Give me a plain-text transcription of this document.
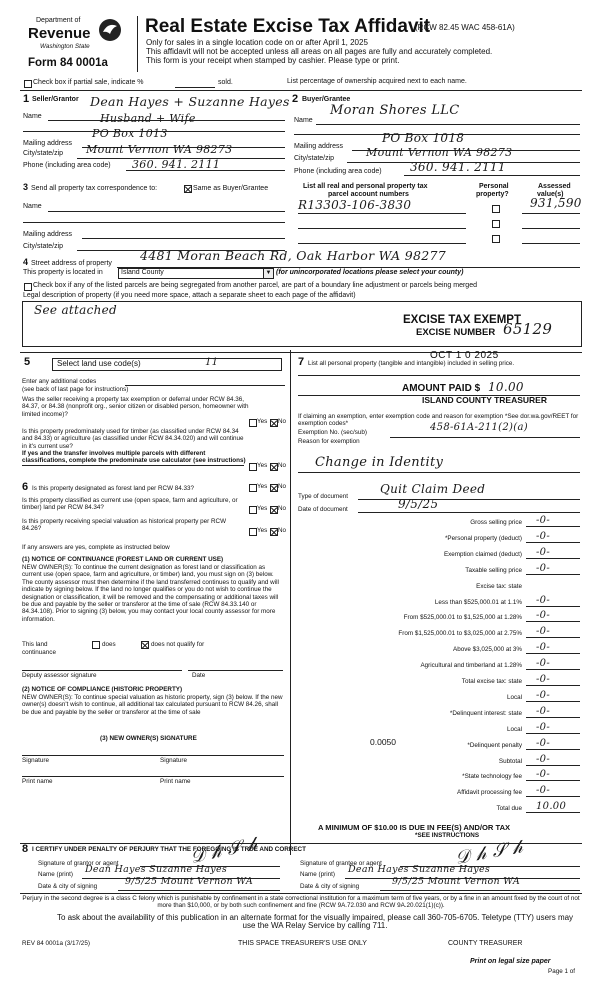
Department of
Revenue
Washington State
Form 84 0001a
Real Estate Excise Tax Affidavit
(RCW 82.45 WAC 458-61A)
Only for sales in a single location code on or after April 1, 2025
This affidavit will not be accepted unless all areas on all pages are fully and accurately completed.
This form is your receipt when stamped by cashier. Please type or print.
Check box if partial sale, indicate %	sold.	List percentage of ownership acquired next to each name.
1 Seller/Grantor
Name
Dean Hayes + Suzanne Hayes
Husband + Wife
Mailing address
PO Box 1013
City/state/zip Mount Vernon WA 98273
Phone (including area code) 360. 941. 2111
2 Buyer/Grantee
Name
Moran Shores LLC
Mailing address
PO Box 1018
City/state/zip	Mount Vernon WA 98273
Phone (including area code) 360. 941. 2111
3 Send all property tax correspondence to:	Same as Buyer/Grantee
Name
Mailing address
City/state/zip
List all real and personal property tax
parcel account numbers
Personal
property?
Assessed
value(s)
R13303-106-3830	931,590
4 Street address of property
4481 Moran Beach Rd, Oak Harbor WA 98277
This property is located in	Island County	▼ (for unincorporated locations please select your county)
Check box if any of the listed parcels are being segregated from another parcel, are part of a boundary line adjustment or parcels being merged
Legal description of property (if you need more space, attach a separate sheet to each page of the affidavit)
See attached
EXCISE TAX EXEMPT
EXCISE NUMBER 65129
5	Select land use code(s)	11
Enter any additional codes
(see back of last page for instructions)
Was the seller receiving a property tax exemption or deferral under RCW 84.36, 84.37, or 84.38 (nonprofit org., senior citizen or disabled person, homeowner with limited income)?
Yes No
Is this property predominately used for timber (as classified under RCW 84.34 and 84.33) or agriculture (as classified under RCW 84.34.020) and will continue in it's current use?
If yes and the transfer involves multiple parcels with different classifications, complete the predominate use calculator (see instructions)
Yes No
6 Is this property designated as forest land per RCW 84.33?	Yes No
Is this property classified as current use (open space, farm and agriculture, or timber) land per RCW 84.34?	Yes No
Is this property receiving special valuation as historical property per RCW 84.26?	Yes No
If any answers are yes, complete as instructed below
(1) NOTICE OF CONTINUANCE (FOREST LAND OR CURRENT USE)
NEW OWNER(S): To continue the current designation as forest land or classification as current use (open space, farm and agriculture, or timber) land, you must sign on (3) below. The county assessor must then determine if the land transferred continues to qualify and will indicate by signing below. If the land no longer qualifies or you do not wish to continue the designation or classification, it will be removed and the compensating or additional taxes will be due and payable by the seller or transferor at the time of sale (RCW 84.33.140 or 84.34.108). Prior to signing (3) below, you may contact your local county assessor for more information.
This land	does	does not qualify for
continuance
Deputy assessor signature	Date
(2) NOTICE OF COMPLIANCE (HISTORIC PROPERTY)
NEW OWNER(S): To continue special valuation as historic property, sign (3) below. If the new owner(s) doesn't wish to continue, all additional tax calculated pursuant to RCW 84.26, shall be due and payable by the seller or transferor at the time of sale
(3) NEW OWNER(S) SIGNATURE
Signature	Signature
Print name	Print name
7 List all personal property (tangible and intangible) included in selling price.
OCT 1 0 2025
AMOUNT PAID $ 10.00
ISLAND COUNTY TREASURER
If claiming an exemption, enter exemption code and reason for exemption *See dor.wa.gov/REET for exemption codes*
Exemption No. (sec/sub)	458-61A-211(2)(a)
Reason for exemption
Change in Identity
Type of document
Quit Claim Deed
Date of document	9/5/25
Gross selling price -0-
*Personal property (deduct) -0-
Exemption claimed (deduct) -0-
Taxable selling price -0-
Excise tax: state
Less than $525,000.01 at 1.1% -0-
From $525,000.01 to $1,525,000 at 1.28% -0-
From $1,525,000.01 to $3,025,000 at 2.75% -0-
Above $3,025,000 at 3% -0-
Agricultural and timberland at 1.28% -0-
Total excise tax: state -0-
Local -0-
*Delinquent interest: state -0-
Local -0-
*Delinquent penalty -0-
Subtotal -0-
*State technology fee -0-
Affidavit processing fee -0-
Total due 10.00
0.0050
A MINIMUM OF $10.00 IS DUE IN FEE(S) AND/OR TAX
*SEE INSTRUCTIONS
8 I CERTIFY UNDER PENALTY OF PERJURY THAT THE FOREGOING IS TRUE AND CORRECT
Signature of grantor or agent
Name (print) Dean Hayes Suzanne Hayes
Date & city of signing	9/5/25 Mount Vernon WA
𝒟 𝒽 𝒮 𝒽	Signature of grantee or agent
Name (print) Dean Hayes Suzanne Hayes
Date & city of signing	9/5/25 Mount Vernon WA
𝒟 𝒽 𝒮 𝒽
Perjury in the second degree is a class C felony which is punishable by confinement in a state correctional institution for a maximum term of five years, or by a fine in an amount fixed by the court of not more than $10,000, or by both such confinement and fine (RCW 9A.72.030 and RCW 9A.20.021(1)(c)).
To ask about the availability of this publication in an alternate format for the visually impaired, please call 360-705-6705. Teletype (TTY) users may use the WA Relay Service by calling 711.
REV 84 0001a (3/17/25)	THIS SPACE TREASURER'S USE ONLY	COUNTY TREASURER
Print on legal size paper
Page 1 of
